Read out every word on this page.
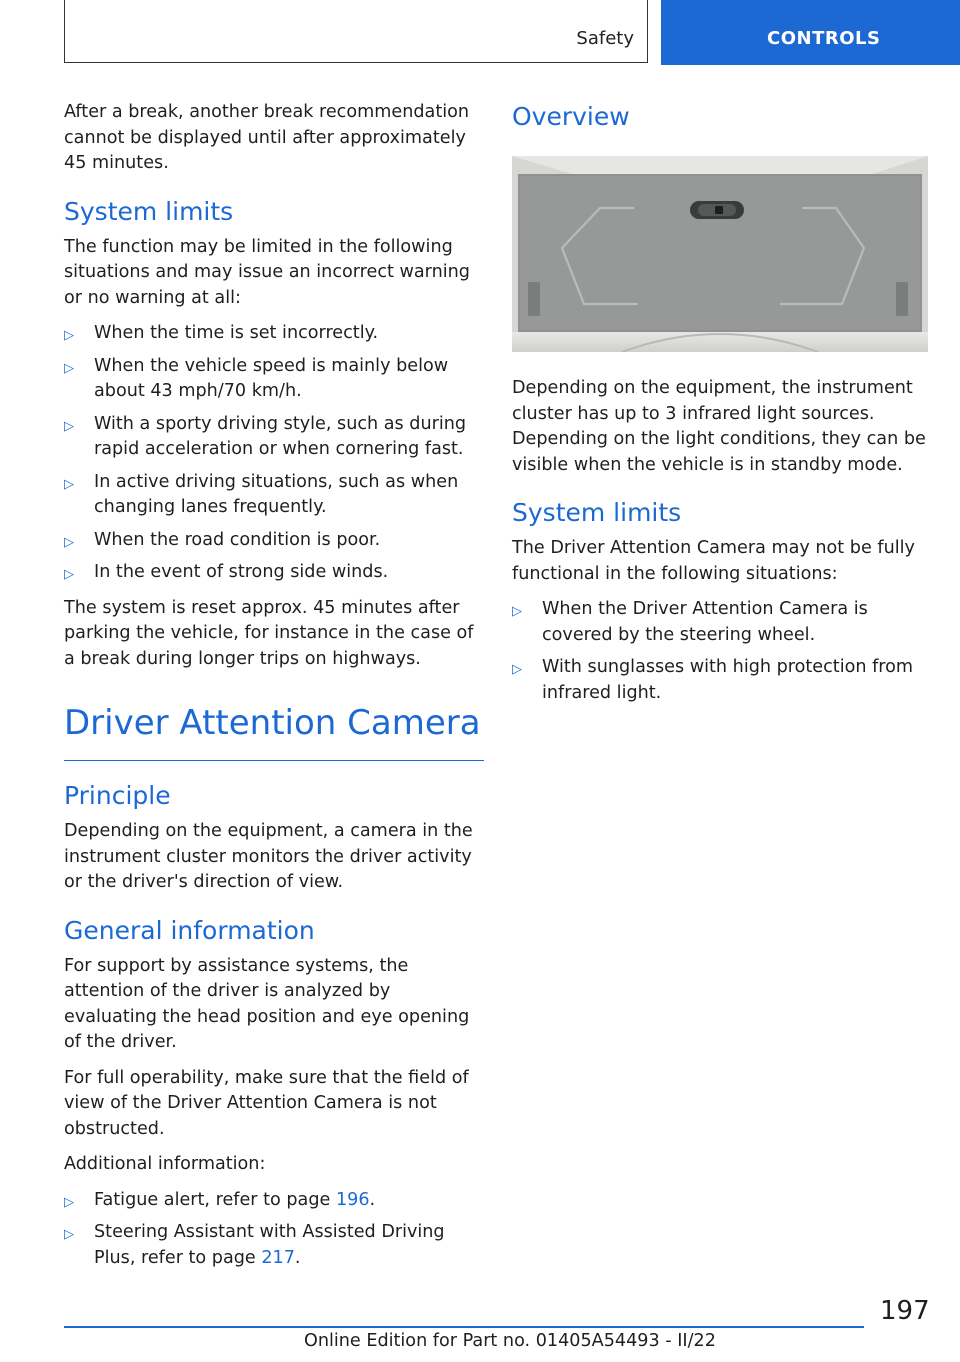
Safety	CONTROLS

After a break, another break recommendation cannot be displayed until after approximately 45 minutes.

System limits

The function may be limited in the following situations and may issue an incorrect warning or no warning at all:

▷ When the time is set incorrectly.
▷ When the vehicle speed is mainly below about 43 mph/70 km/h.
▷ With a sporty driving style, such as during rapid acceleration or when cornering fast.
▷ In active driving situations, such as when changing lanes frequently.
▷ When the road condition is poor.
▷ In the event of strong side winds.

The system is reset approx. 45 minutes after parking the vehicle, for instance in the case of a break during longer trips on highways.

Driver Attention Camera
Principle

Depending on the equipment, a camera in the instrument cluster monitors the driver activity or the driver's direction of view.

General information

For support by assistance systems, the attention of the driver is analyzed by evaluating the head position and eye opening of the driver.

For full operability, make sure that the field of view of the Driver Attention Camera is not obstructed.

Additional information:

▷ Fatigue alert, refer to page 196.
▷ Steering Assistant with Assisted Driving Plus, refer to page 217.
Overview

Depending on the equipment, the instrument cluster has up to 3 infrared light sources. Depending on the light conditions, they can be visible when the vehicle is in standby mode.

System limits

The Driver Attention Camera may not be fully functional in the following situations:

▷ When the Driver Attention Camera is covered by the steering wheel.
▷ With sunglasses with high protection from infrared light.
197
Online Edition for Part no. 01405A54493 - II/22
